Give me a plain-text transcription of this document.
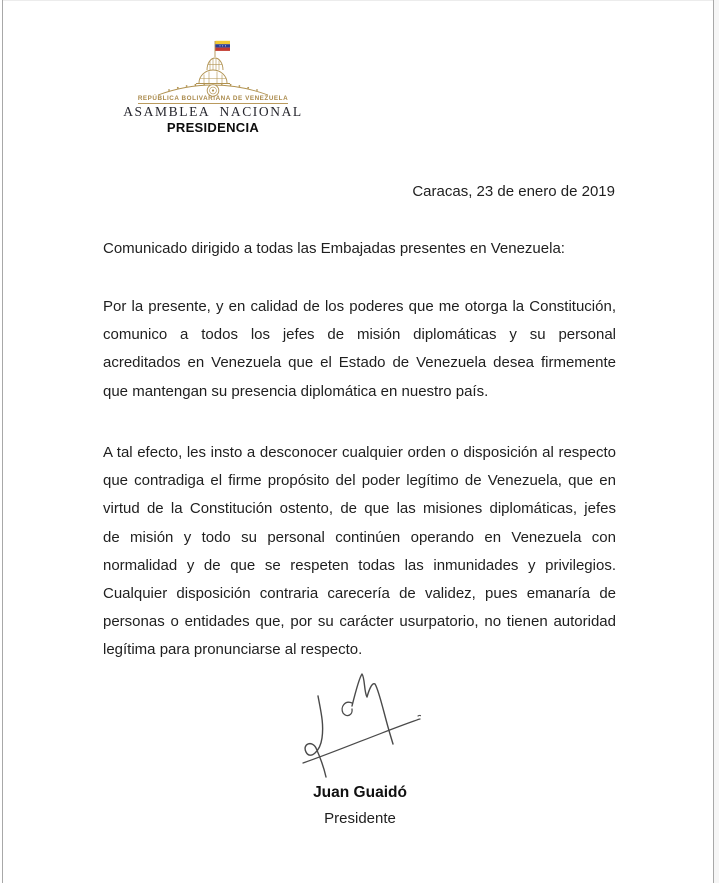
REPÚBLICA BOLIVARIANA DE VENEZUELA
ASAMBLEA NACIONAL
PRESIDENCIA
Caracas, 23 de enero de 2019
Comunicado dirigido a todas las Embajadas presentes en Venezuela:
Por la presente, y en calidad de los poderes que me otorga la Constitución,
comunico a todos los jefes de misión diplomáticas y su personal
acreditados en Venezuela que el Estado de Venezuela desea firmemente
que mantengan su presencia diplomática en nuestro país.
A tal efecto, les insto a desconocer cualquier orden o disposición al respecto
que contradiga el firme propósito del poder legítimo de Venezuela, que en
virtud de la Constitución ostento, de que las misiones diplomáticas, jefes
de misión y todo su personal continúen operando en Venezuela con
normalidad y de que se respeten todas las inmunidades y privilegios.
Cualquier disposición contraria carecería de validez, pues emanaría de
personas o entidades que, por su carácter usurpatorio, no tienen autoridad
legítima para pronunciarse al respecto.
Juan Guaidó
Presidente
